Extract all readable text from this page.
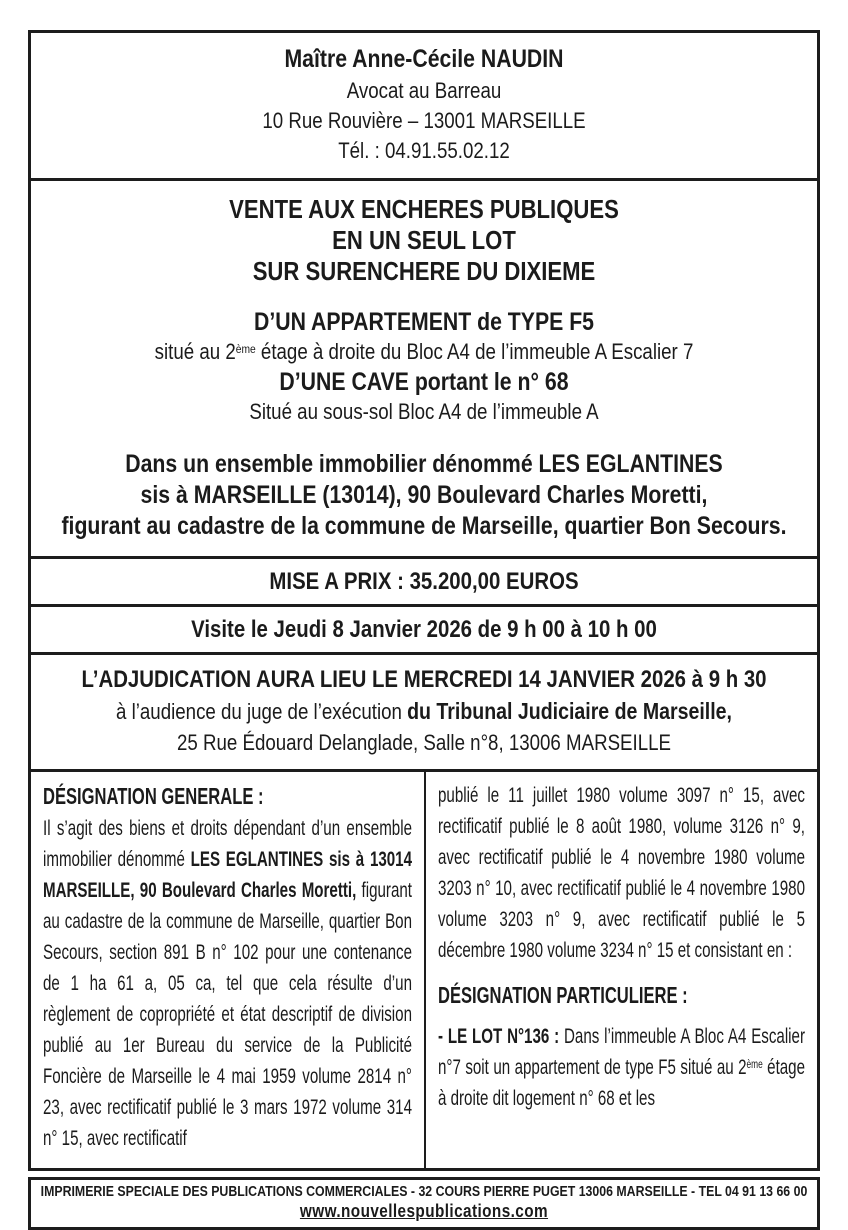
Maître Anne-Cécile NAUDIN
Avocat au Barreau
10 Rue Rouvière – 13001 MARSEILLE
Tél. : 04.91.55.02.12
VENTE AUX ENCHERES PUBLIQUES
EN UN SEUL LOT
SUR SURENCHERE DU DIXIEME
D’UN APPARTEMENT de TYPE F5
situé au 2ème étage à droite du Bloc A4 de l’immeuble A Escalier 7
D’UNE CAVE portant le n° 68
Situé au sous-sol Bloc A4 de l’immeuble A
Dans un ensemble immobilier dénommé LES EGLANTINES
sis à MARSEILLE (13014), 90 Boulevard Charles Moretti,
figurant au cadastre de la commune de Marseille, quartier Bon Secours.
MISE A PRIX : 35.200,00 EUROS
Visite le Jeudi 8 Janvier 2026 de 9 h 00 à 10 h 00
L’ADJUDICATION AURA LIEU LE MERCREDI 14 JANVIER 2026 à 9 h 30
à l’audience du juge de l’exécution du Tribunal Judiciaire de Marseille,
25 Rue Édouard Delanglade, Salle n°8, 13006 MARSEILLE
DÉSIGNATION GENERALE :
Il s’agit des biens et droits dépendant d’un ensemble immobilier dénommé LES EGLANTINES sis à 13014 MARSEILLE, 90 Boulevard Charles Moretti, figurant au cadastre de la commune de Marseille, quartier Bon Secours, section 891 B n° 102 pour une contenance de 1 ha 61 a, 05 ca, tel que cela résulte d’un règlement de copropriété et état descriptif de division publié au 1er Bureau du service de la Publicité Foncière de Marseille le 4 mai 1959 volume 2814 n° 23, avec rectificatif publié le 3 mars 1972 volume 314 n° 15, avec rectificatif
publié le 11 juillet 1980 volume 3097 n° 15, avec rectificatif publié le 8 août 1980, volume 3126 n° 9, avec rectificatif publié le 4 novembre 1980 volume 3203 n° 10, avec rectificatif publié le 4 novembre 1980 volume 3203 n° 9, avec rectificatif publié le 5 décembre 1980 volume 3234 n° 15 et consistant en :
DÉSIGNATION PARTICULIERE :
- LE LOT N°136 : Dans l’immeuble A Bloc A4 Escalier n°7 soit un appartement de type F5 situé au 2ème étage à droite dit logement n° 68 et les
IMPRIMERIE SPECIALE DES PUBLICATIONS COMMERCIALES - 32 COURS PIERRE PUGET 13006 MARSEILLE - TEL 04 91 13 66 00
www.nouvellespublications.com
